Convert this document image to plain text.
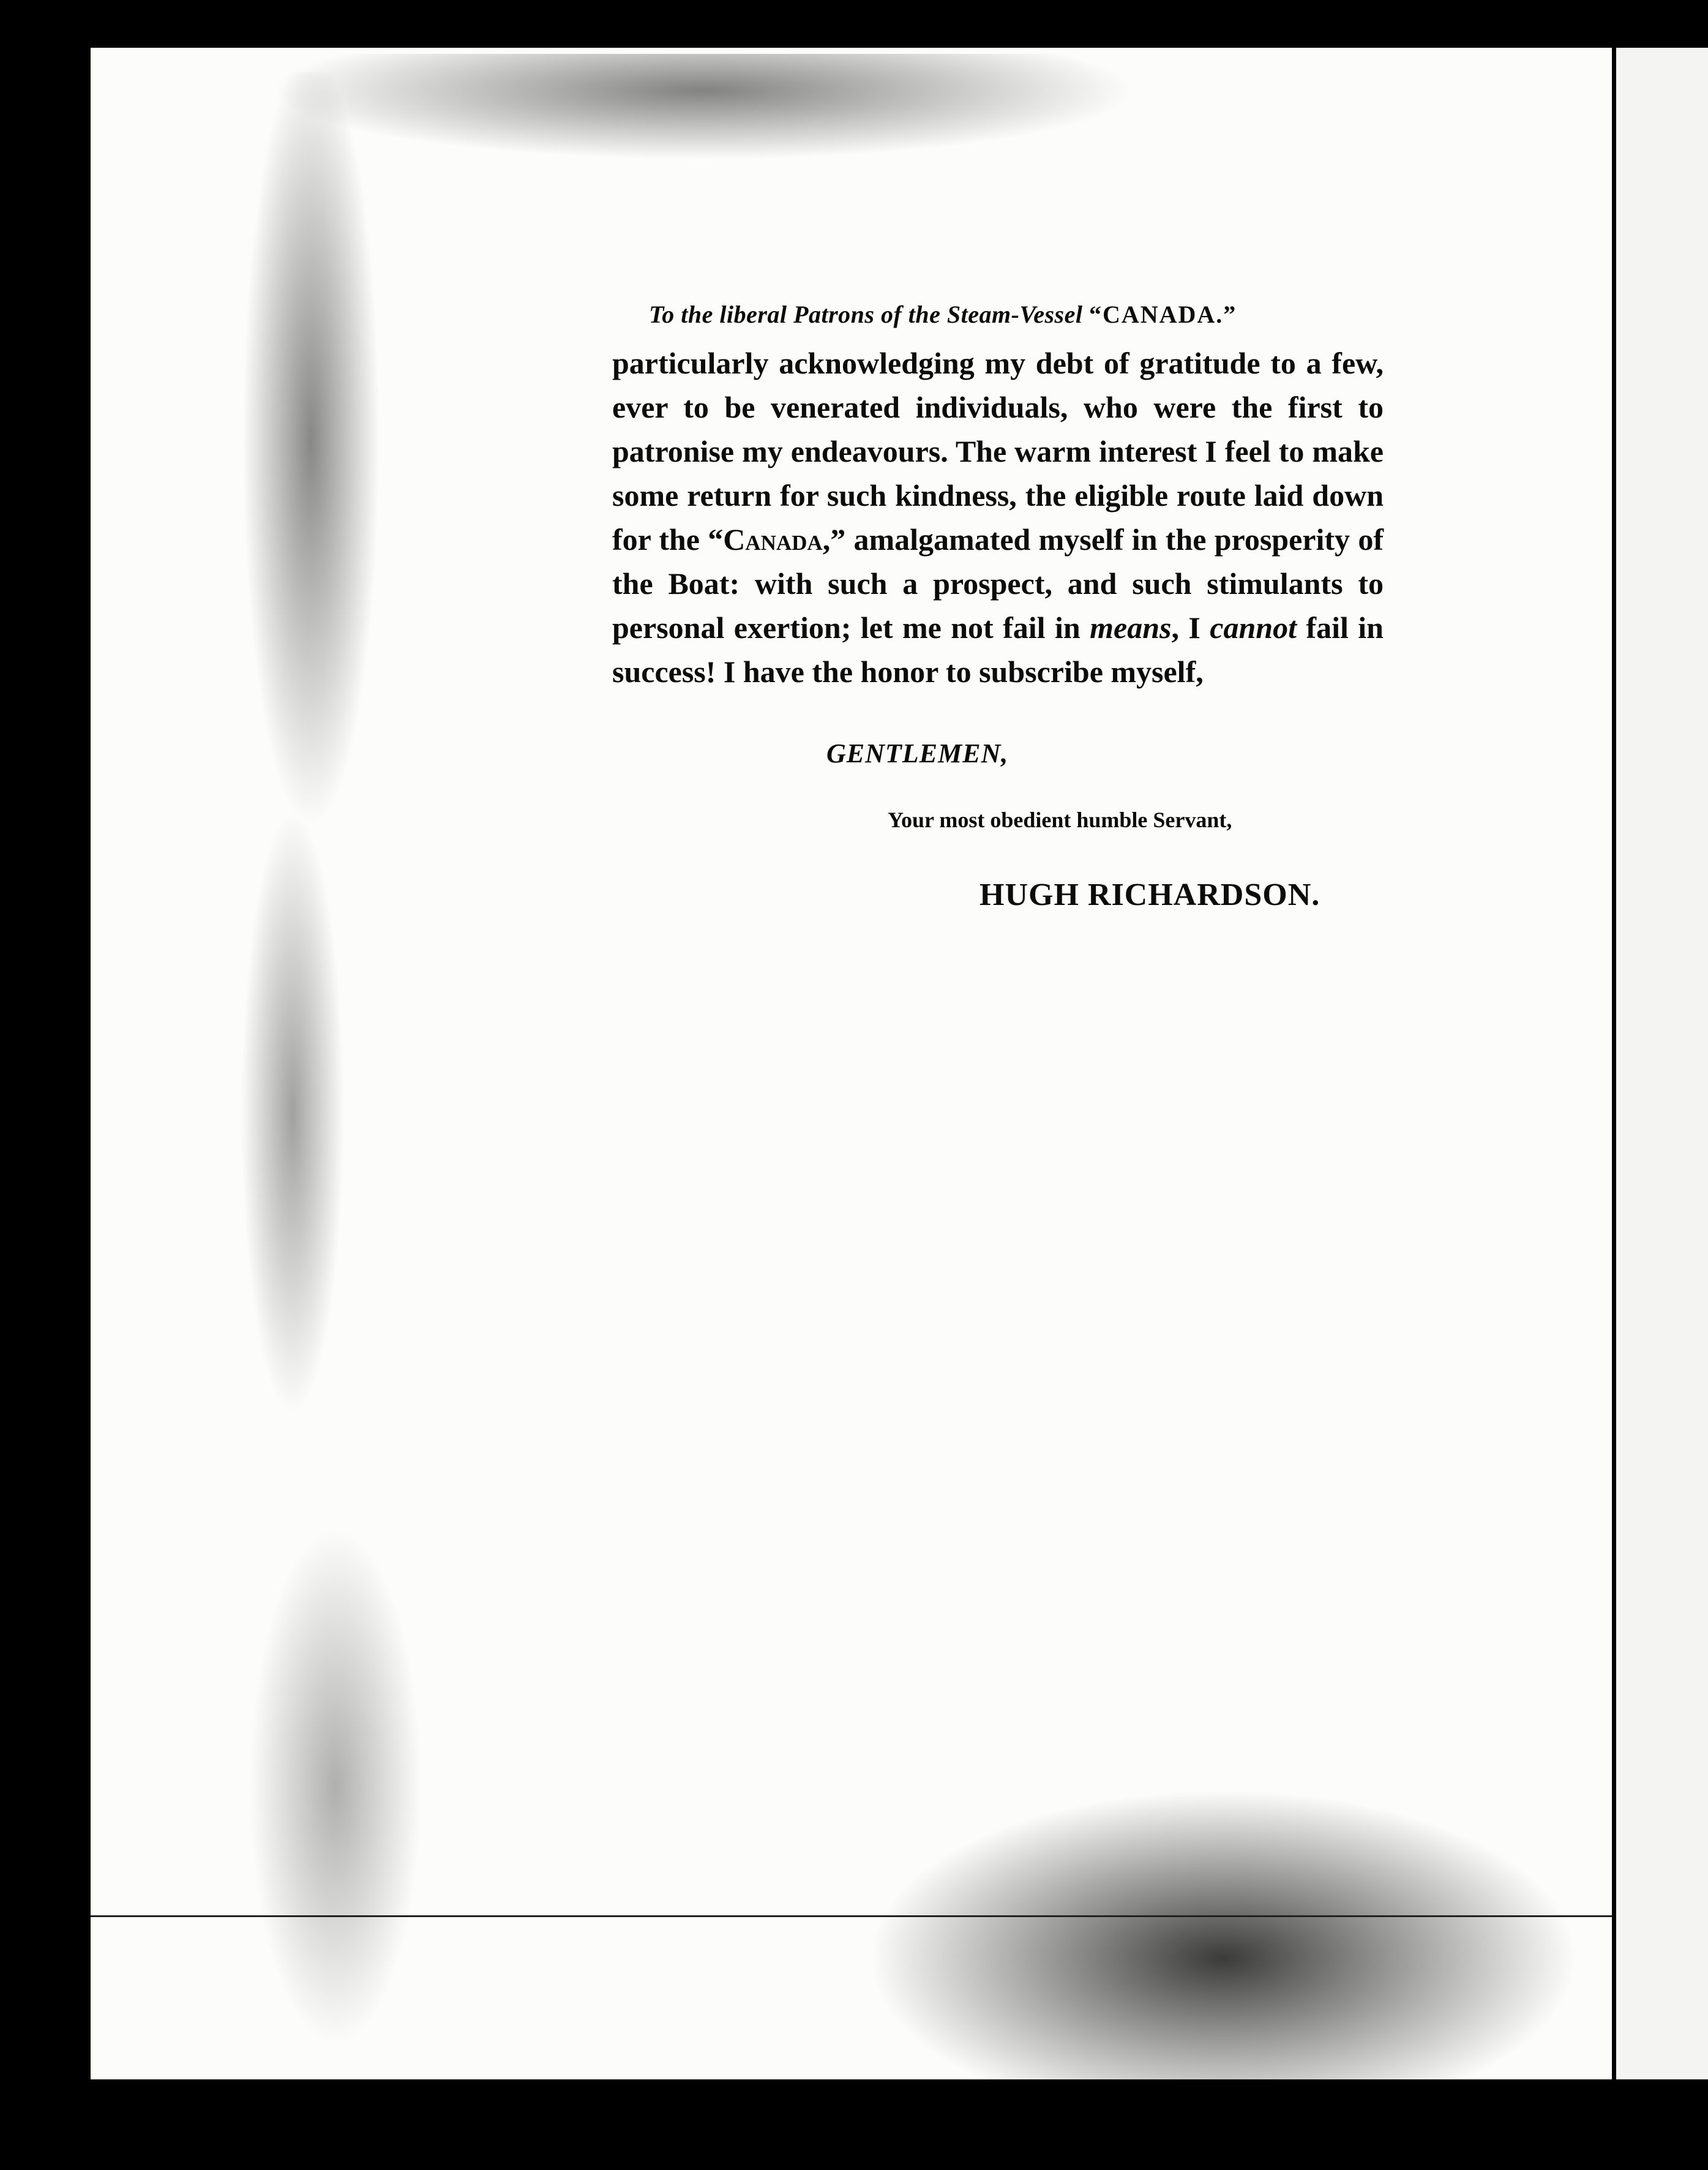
To the liberal Patrons of the Steam-Vessel “CANADA.”

particularly acknowledging my debt of gratitude to a few, ever to be venerated individuals, who were the first to patronise my endeavours. The warm interest I feel to make some return for such kindness, the eligible route laid down for the “Canada,” amalgamated myself in the prosperity of the Boat: with such a prospect, and such stimulants to personal exertion; let me not fail in means, I cannot fail in success! I have the honor to subscribe myself,

GENTLEMEN,
Your most obedient humble Servant,
HUGH RICHARDSON.
